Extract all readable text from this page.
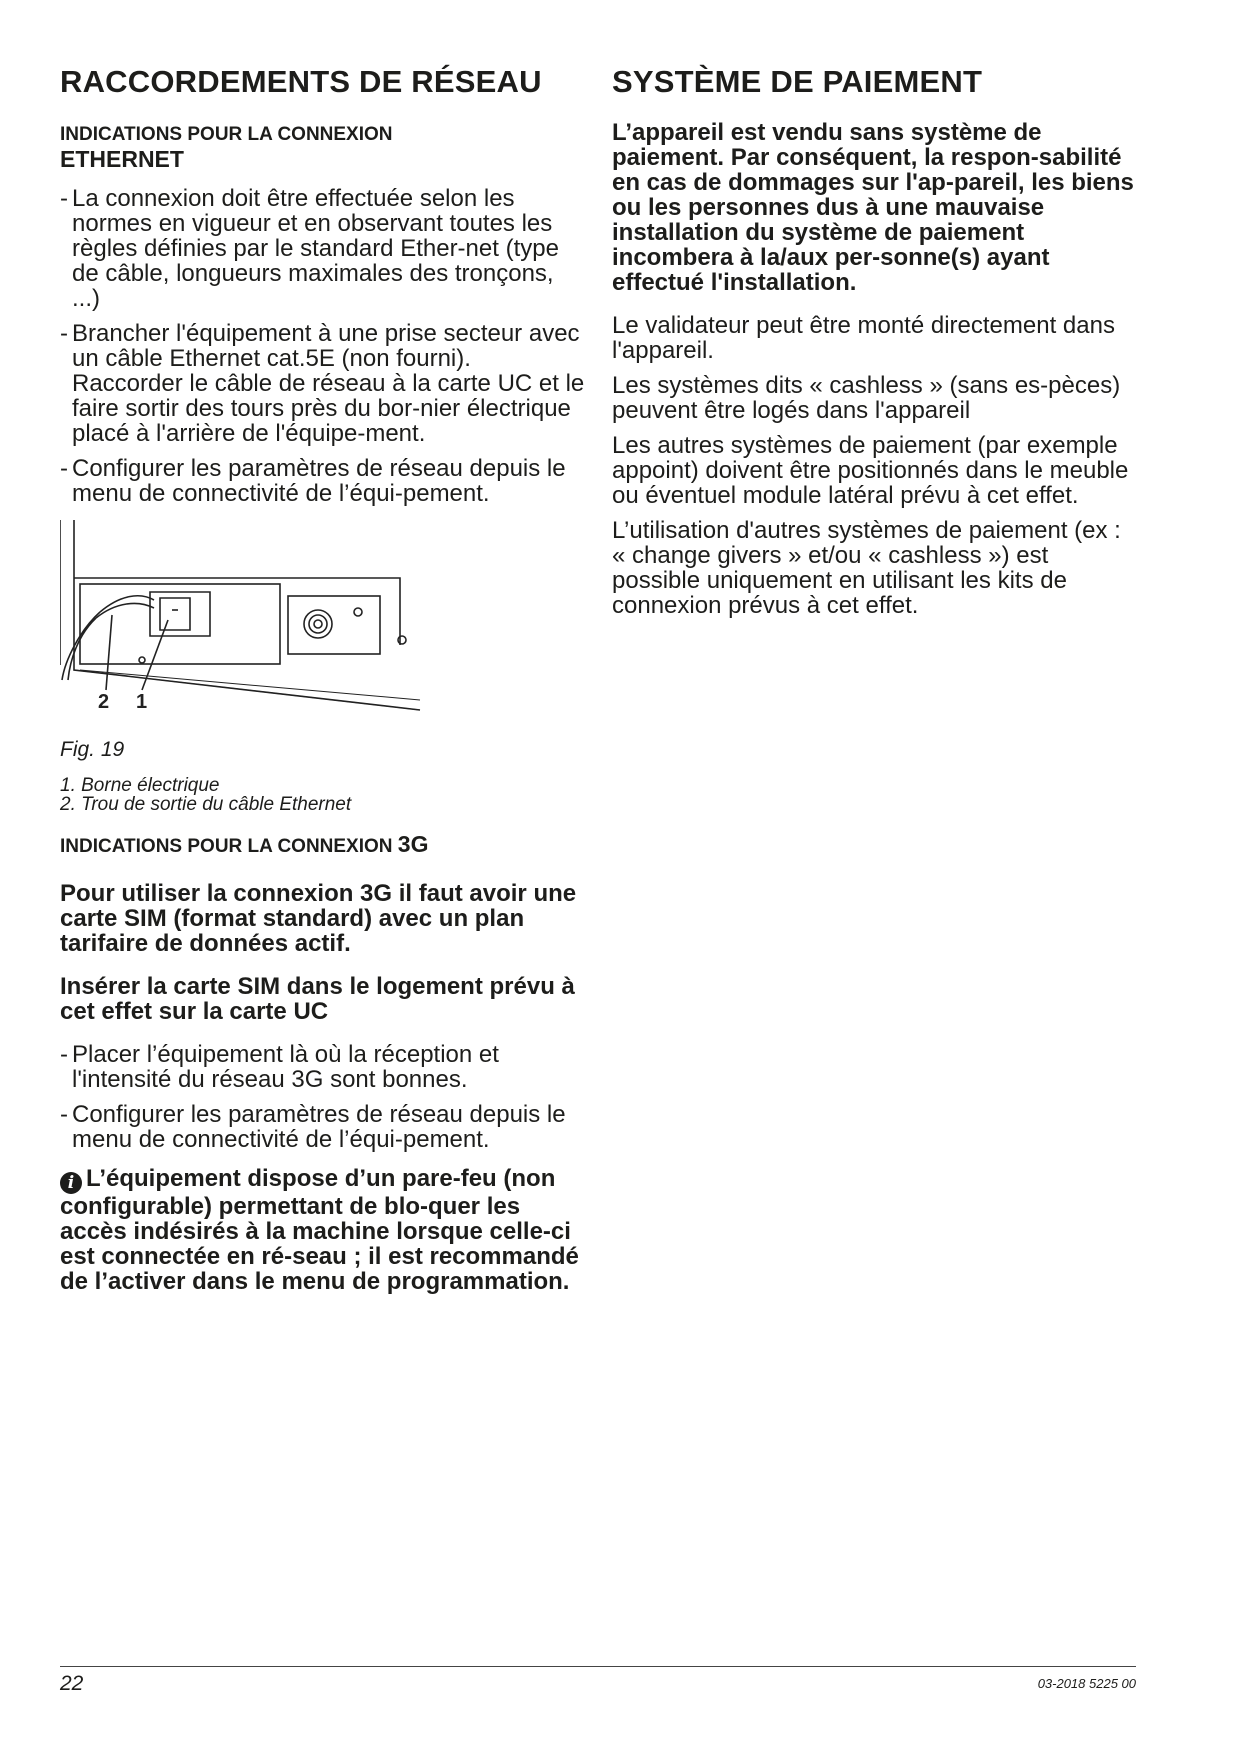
RACCORDEMENTS DE RÉSEAU
INDICATIONS POUR LA CONNEXION
ETHERNET
- La connexion doit être effectuée selon les normes en vigueur et en observant toutes les règles définies par le standard Ether-net (type de câble, longueurs maximales des tronçons, ...)
- Brancher l'équipement à une prise secteur avec un câble Ethernet cat.5E (non fourni). Raccorder le câble de réseau à la carte UC et le faire sortir des tours près du bor-nier électrique placé à l'arrière de l'équipe-ment.
- Configurer les paramètres de réseau depuis le menu de connectivité de l’équi-pement.
2 1
Fig. 19
1. Borne électrique
2. Trou de sortie du câble Ethernet
INDICATIONS POUR LA CONNEXION 3G

Pour utiliser la connexion 3G il faut avoir une carte SIM (format standard) avec un plan tarifaire de données actif.

Insérer la carte SIM dans le logement prévu à cet effet sur la carte UC

- Placer l’équipement là où la réception et l'intensité du réseau 3G sont bonnes.
- Configurer les paramètres de réseau depuis le menu de connectivité de l’équi-pement.

i L’équipement dispose d’un pare-feu (non configurable) permettant de blo-quer les accès indésirés à la machine lorsque celle-ci est connectée en ré-seau ; il est recommandé de l’activer dans le menu de programmation.

SYSTÈME DE PAIEMENT

L’appareil est vendu sans système de paiement. Par conséquent, la respon-sabilité en cas de dommages sur l'ap-pareil, les biens ou les personnes dus à une mauvaise installation du système de paiement incombera à la/aux per-sonne(s) ayant effectué l'installation.

Le validateur peut être monté directement dans l'appareil.

Les systèmes dits « cashless » (sans es-pèces) peuvent être logés dans l'appareil

Les autres systèmes de paiement (par exemple appoint) doivent être positionnés dans le meuble ou éventuel module latéral prévu à cet effet.

L’utilisation d'autres systèmes de paiement (ex : « change givers » et/ou « cashless ») est possible uniquement en utilisant les kits de connexion prévus à cet effet.

22	03-2018 5225 00
